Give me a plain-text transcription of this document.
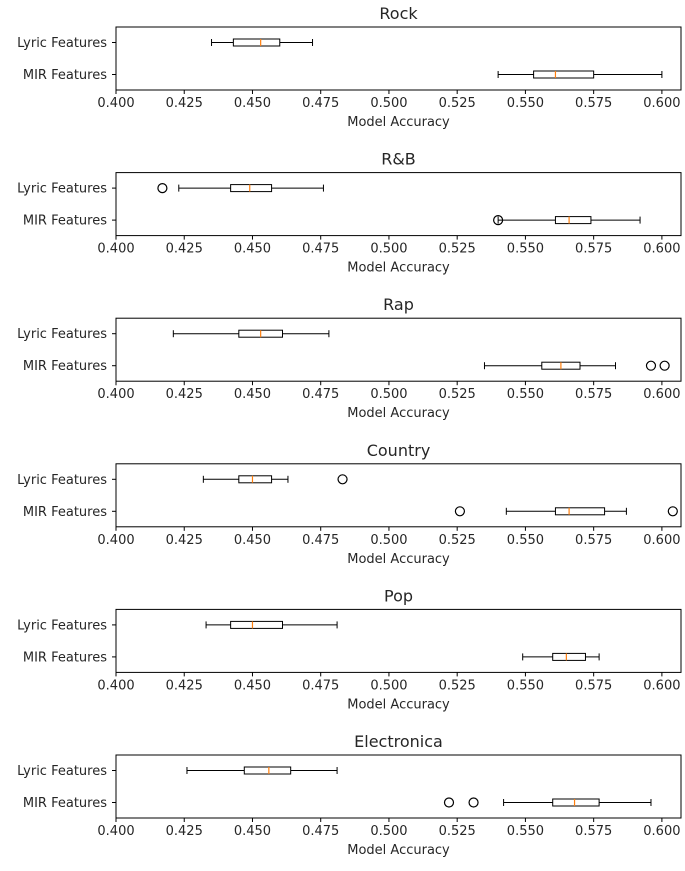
Rock
0.400 0.425 0.450 0.475 0.500 0.525 0.550 0.575 0.600
Model Accuracy
Lyric Features
MIR Features
R&B
0.400 0.425 0.450 0.475 0.500 0.525 0.550 0.575 0.600
Model Accuracy
Lyric Features
MIR Features
Rap
0.400 0.425 0.450 0.475 0.500 0.525 0.550 0.575 0.600
Model Accuracy
Lyric Features
MIR Features
Country
0.400 0.425 0.450 0.475 0.500 0.525 0.550 0.575 0.600
Model Accuracy
Lyric Features
MIR Features
Pop
0.400 0.425 0.450 0.475 0.500 0.525 0.550 0.575 0.600
Model Accuracy
Lyric Features
MIR Features
Electronica
0.400 0.425 0.450 0.475 0.500 0.525 0.550 0.575 0.600
Model Accuracy
Lyric Features
MIR Features
